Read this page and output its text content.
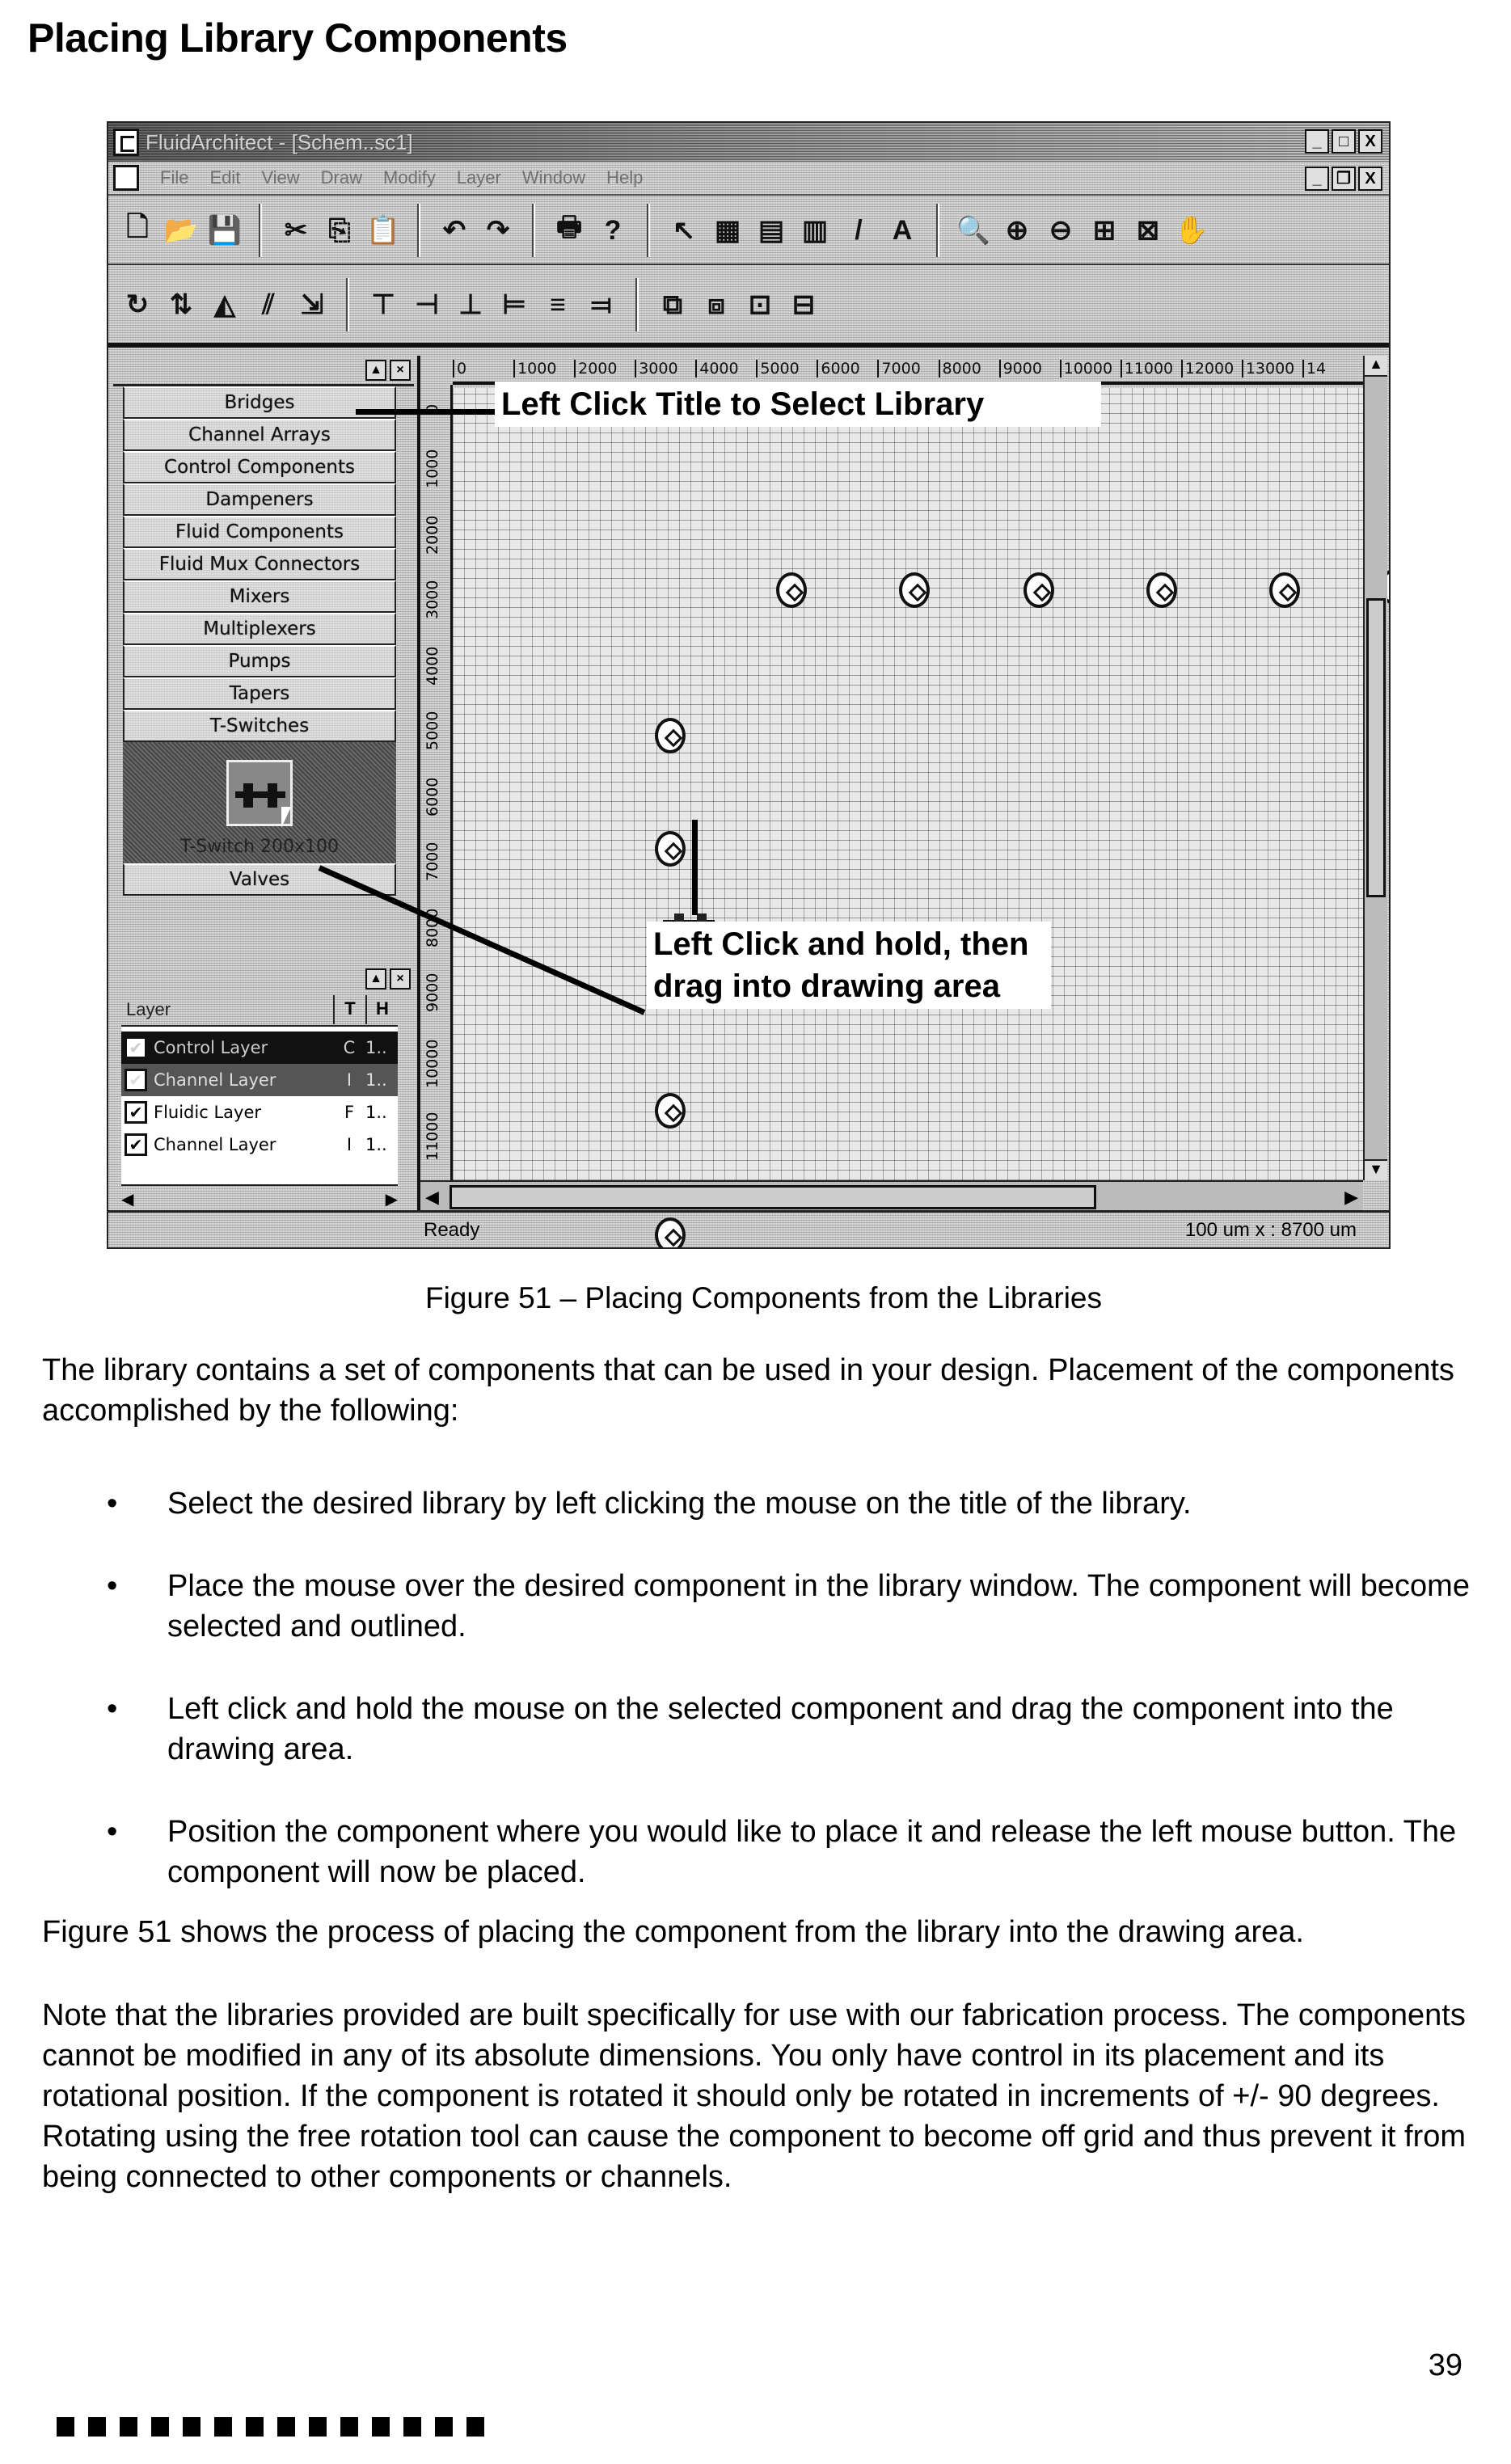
Placing Library Components
FluidArchitect - [Schem..sc1]	_	□	X
File Edit View Draw Modify Layer Window Help	_ ❐ X
🗋 📂 💾 ✂ ⎘ 📋 ↶ ↷ 🖶 ?	↖ ▦ ▤ ▥ /	A 🔍 ⊕ ⊖ ⊞ ⊠ ✋
↻ ⇅ ◭ ⫽ ⇲ ⊤ ⊣ ⊥ ⊨ ≡ ⫤ ⧉ ⧈ ⊡ ⊟
▲	×
Bridges
Channel Arrays
Control Components
Dampeners
Fluid Components
Fluid Mux Connectors
Mixers
Multiplexers
Pumps
Tapers
T-Switches
T-Switch 200x100
Valves
▲	×
Layer	T	H
✔ Control Layer	C 1..
✔ Channel Layer	I 1..
✔ Fluidic Layer	F 1..
✔ Channel Layer	I 1..
◀	▶
0	1000	2000	3000	4000	5000	6000	7000	8000	9000	10000 11000 12000 13000 14
1000
2000
3000
4000
5000
6000
7000
8000
9000
10000
11000
▲
▼
◀	▶
Ready	100 um x : 8700 um
Left Click Title to Select Library
Left Click and hold, then
drag into drawing area
Figure 51 – Placing Components from the Libraries

The library contains a set of components that can be used in your design. Placement of the components accomplished by the following:

• Select the desired library by left clicking the mouse on the title of the library.
• Place the mouse over the desired component in the library window. The component will become selected and outlined.
• Left click and hold the mouse on the selected component and drag the component into the drawing area.
• Position the component where you would like to place it and release the left mouse button. The component will now be placed.

Figure 51 shows the process of placing the component from the library into the drawing area.

Note that the libraries provided are built specifically for use with our fabrication process. The components cannot be modified in any of its absolute dimensions. You only have control in its placement and its rotational position. If the component is rotated it should only be rotated in increments of +/- 90 degrees. Rotating using the free rotation tool can cause the component to become off grid and thus prevent it from being connected to other components or channels.

39
